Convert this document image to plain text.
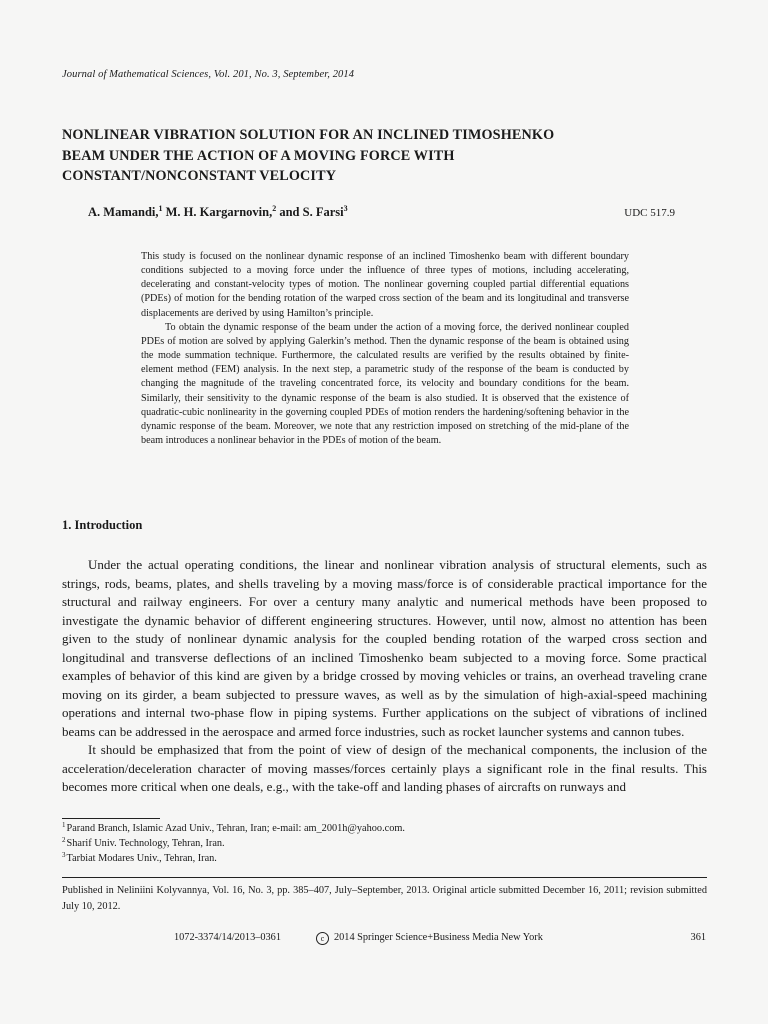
Journal of Mathematical Sciences, Vol. 201, No. 3, September, 2014
NONLINEAR VIBRATION SOLUTION FOR AN INCLINED TIMOSHENKO
BEAM UNDER THE ACTION OF A MOVING FORCE WITH
CONSTANT/NONCONSTANT VELOCITY
A. Mamandi,$^1$ M. H. Kargarnovin,$^2$ and S. Farsi$^3$	UDC 517.9

This study is focused on the nonlinear dynamic response of an inclined Timoshenko beam with different boundary conditions subjected to a moving force under the influence of three types of motions, including accelerating, decelerating and constant-velocity types of motion. The nonlinear governing coupled partial differential equations (PDEs) of motion for the bending rotation of the warped cross section of the beam and its longitudinal and transverse displacements are derived by using Hamilton’s principle.

To obtain the dynamic response of the beam under the action of a moving force, the derived nonlinear coupled PDEs of motion are solved by applying Galerkin’s method. Then the dynamic response of the beam is obtained using the mode summation technique. Furthermore, the calculated results are verified by the results obtained by finite-element method (FEM) analysis. In the next step, a parametric study of the response of the beam is conducted by changing the magnitude of the traveling concentrated force, its velocity and boundary conditions for the beam. Similarly, their sensitivity to the dynamic response of the beam is also studied. It is observed that the existence of quadratic-cubic nonlinearity in the governing coupled PDEs of motion renders the hardening/softening behavior in the dynamic response of the beam. Moreover, we note that any restriction imposed on stretching of the mid-plane of the beam introduces a nonlinear behavior in the PDEs of motion of the beam.

1. Introduction

Under the actual operating conditions, the linear and nonlinear vibration analysis of structural elements, such as strings, rods, beams, plates, and shells traveling by a moving mass/force is of considerable practical importance for the structural and railway engineers. For over a century many analytic and numerical methods have been proposed to investigate the dynamic behavior of different engineering structures. However, until now, almost no attention has been given to the study of nonlinear dynamic analysis for the coupled bending rotation of the warped cross section and longitudinal and transverse deflections of an inclined Timoshenko beam subjected to a moving force. Some practical examples of behavior of this kind are given by a bridge crossed by moving vehicles or trains, an overhead traveling crane moving on its girder, a beam subjected to pressure waves, as well as by the simulation of high-axial-speed machining operations and internal two-phase flow in piping systems. Further applications on the subject of vibrations of inclined beams can be addressed in the aerospace and armed force industries, such as rocket launcher systems and cannon tubes.

It should be emphasized that from the point of view of design of the mechanical components, the inclusion of the acceleration/deceleration character of moving masses/forces certainly plays a significant role in the final results. This becomes more critical when one deals, e.g., with the take-off and landing phases of aircrafts on runways and

$^1$Parand Branch, Islamic Azad Univ., Tehran, Iran; e-mail: am_2001h@yahoo.com.
$^2$Sharif Univ. Technology, Tehran, Iran.
$^3$Tarbiat Modares Univ., Tehran, Iran.
Published in Neliniini Kolyvannya, Vol. 16, No. 3, pp. 385–407, July–September, 2013. Original article submitted December 16, 2011; revision submitted July 10, 2012.
1072-3374/14/2013–0361	c 2014 Springer Science+Business Media New York	361
